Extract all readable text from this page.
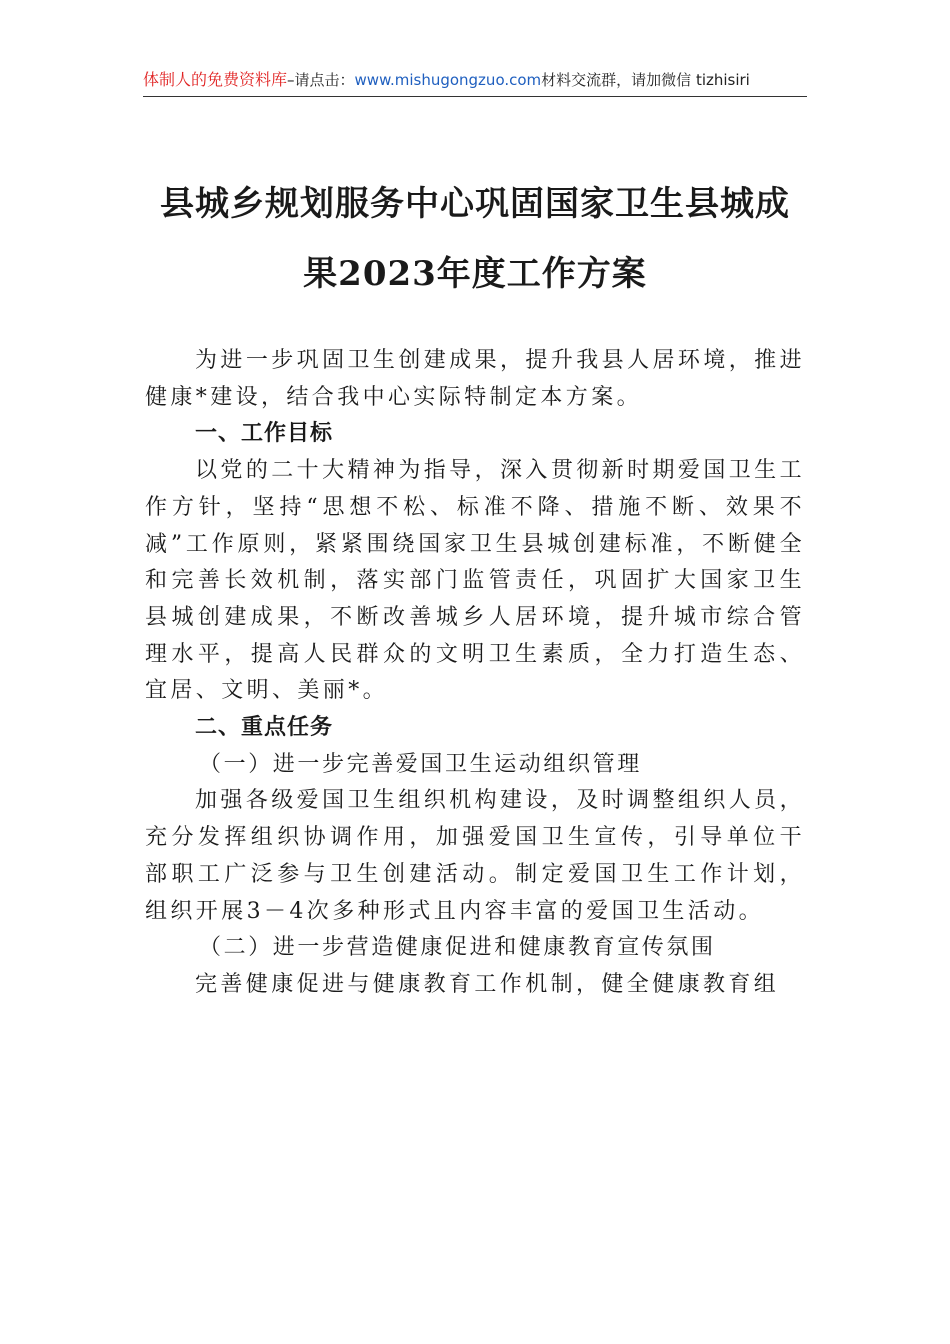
体制人的免费资料库–请点击：www.mishugongzuo.com材料交流群，请加微信 tizhisiri
县城乡规划服务中心巩固国家卫生县城成
果2023年度工作方案

为进一步巩固卫生创建成果，提升我县人居环境，推进健康*建设，结合我中心实际特制定本方案。

一、工作目标

以党的二十大精神为指导，深入贯彻新时期爱国卫生工作方针，坚持“思想不松、标准不降、措施不断、效果不减”工作原则，紧紧围绕国家卫生县城创建标准，不断健全和完善长效机制，落实部门监管责任，巩固扩大国家卫生县城创建成果，不断改善城乡人居环境，提升城市综合管理水平，提高人民群众的文明卫生素质，全力打造生态、宜居、文明、美丽*。

二、重点任务

（一）进一步完善爱国卫生运动组织管理

加强各级爱国卫生组织机构建设，及时调整组织人员，充分发挥组织协调作用，加强爱国卫生宣传，引导单位干部职工广泛参与卫生创建活动。制定爱国卫生工作计划，组织开展3－4次多种形式且内容丰富的爱国卫生活动。

（二）进一步营造健康促进和健康教育宣传氛围

完善健康促进与健康教育工作机制，健全健康教育组
